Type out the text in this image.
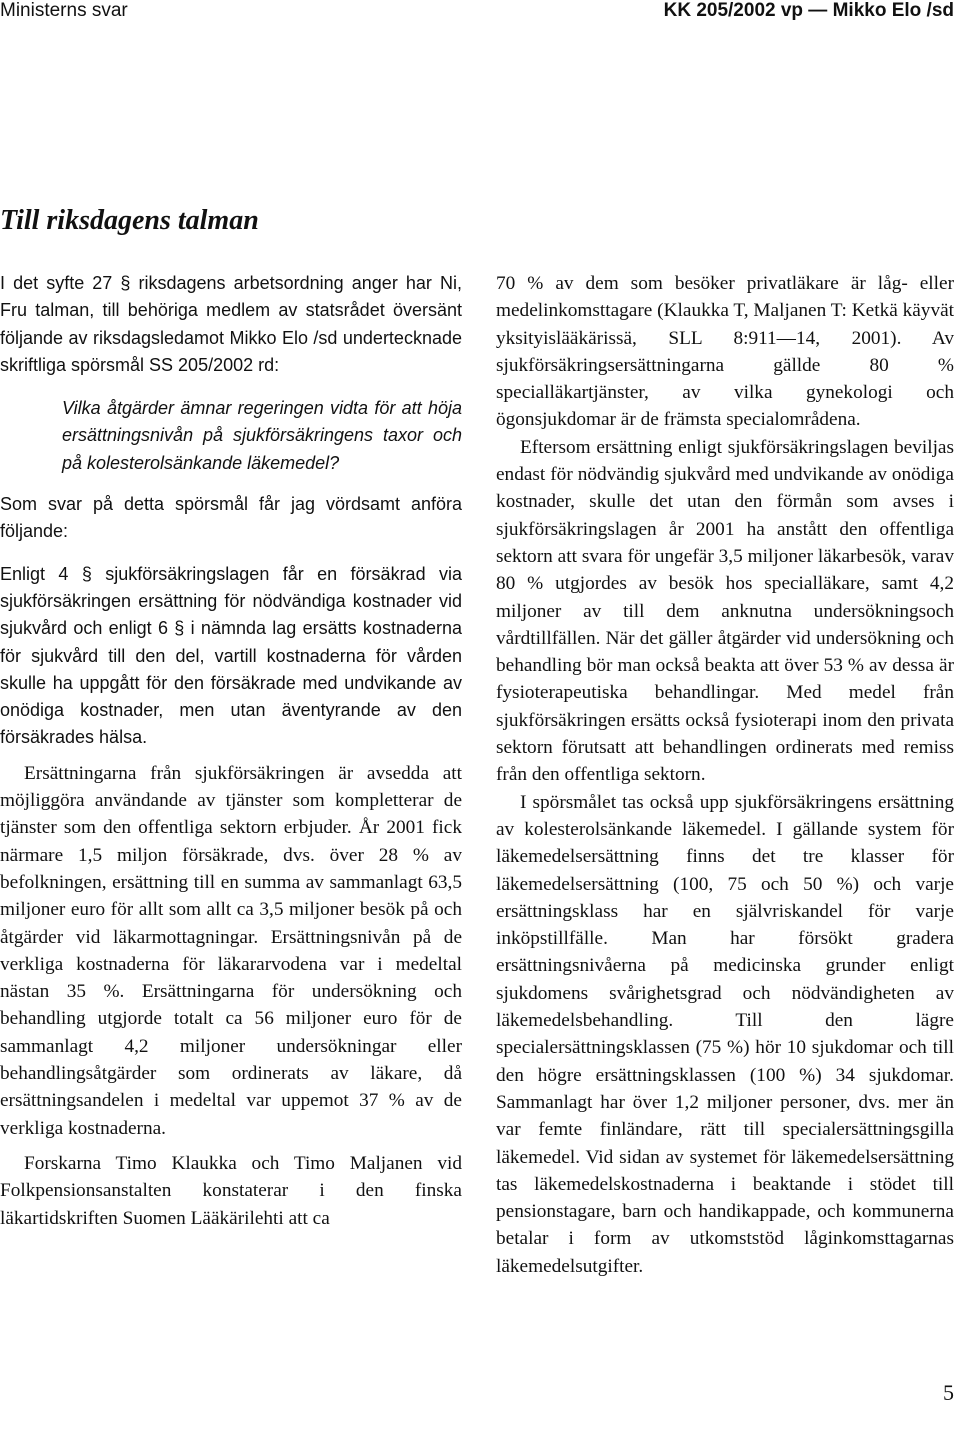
Ministerns svar	KK 205/2002 vp — Mikko Elo /sd
Till riksdagens talman

I det syfte 27 § riksdagens arbetsordning anger har Ni, Fru talman, till behöriga medlem av statsrådet översänt följande av riksdagsledamot Mikko Elo /sd undertecknade skriftliga spörsmål SS 205/2002 rd:

Vilka åtgärder ämnar regeringen vidta för att höja ersättningsnivån på sjukförsäkringens taxor och på kolesterolsänkande läkemedel?

Som svar på detta spörsmål får jag vördsamt anföra följande:

Enligt 4 § sjukförsäkringslagen får en försäkrad via sjukförsäkringen ersättning för nödvändiga kostnader vid sjukvård och enligt 6 § i nämnda lag ersätts kostnaderna för sjukvård till den del, vartill kostnaderna för vården skulle ha uppgått för den försäkrade med undvikande av onödiga kostnader, men utan äventyrande av den försäkrades hälsa.

Ersättningarna från sjukförsäkringen är avsedda att möjliggöra användande av tjänster som kompletterar de tjänster som den offentliga sektorn erbjuder. År 2001 fick närmare 1,5 miljon försäkrade, dvs. över 28 % av befolkningen, ersättning till en summa av sammanlagt 63,5 miljoner euro för allt som allt ca 3,5 miljoner besök på och åtgärder vid läkarmottagningar. Ersättningsnivån på de verkliga kostnaderna för läkararvodena var i medeltal nästan 35 %. Ersättningarna för undersökning och behandling utgjorde totalt ca 56 miljoner euro för de sammanlagt 4,2 miljoner undersökningar eller behandlingsåtgärder som ordinerats av läkare, då ersättningsandelen i medeltal var uppemot 37 % av de verkliga kostnaderna.

Forskarna Timo Klaukka och Timo Maljanen vid Folkpensionsanstalten konstaterar i den finska läkartidskriften Suomen Lääkärilehti att ca

70 % av dem som besöker privatläkare är låg- eller medelinkomsttagare (Klaukka T, Maljanen T: Ketkä käyvät yksityislääkärissä, SLL 8:911—14, 2001). Av sjukförsäkringsersättningarna gällde 80 % specialläkartjänster, av vilka gynekologi och ögonsjukdomar är de främsta specialområdena.

Eftersom ersättning enligt sjukförsäkringslagen beviljas endast för nödvändig sjukvård med undvikande av onödiga kostnader, skulle det utan den förmån som avses i sjukförsäkringslagen år 2001 ha anstått den offentliga sektorn att svara för ungefär 3,5 miljoner läkarbesök, varav 80 % utgjordes av besök hos specialläkare, samt 4,2 miljoner av till dem anknutna undersökningsoch vårdtillfällen. När det gäller åtgärder vid undersökning och behandling bör man också beakta att över 53 % av dessa är fysioterapeutiska behandlingar. Med medel från sjukförsäkringen ersätts också fysioterapi inom den privata sektorn förutsatt att behandlingen ordinerats med remiss från den offentliga sektorn.

I spörsmålet tas också upp sjukförsäkringens ersättning av kolesterolsänkande läkemedel. I gällande system för läkemedelsersättning finns det tre klasser för läkemedelsersättning (100, 75 och 50 %) och varje ersättningsklass har en självriskandel för varje inköpstillfälle. Man har försökt gradera ersättningsnivåerna på medicinska grunder enligt sjukdomens svårighetsgrad och nödvändigheten av läkemedelsbehandling. Till den lägre specialersättningsklassen (75 %) hör 10 sjukdomar och till den högre ersättningsklassen (100 %) 34 sjukdomar. Sammanlagt har över 1,2 miljoner personer, dvs. mer än var femte finländare, rätt till specialersättningsgilla läkemedel. Vid sidan av systemet för läkemedelsersättning tas läkemedelskostnaderna i beaktande i stödet till pensionstagare, barn och handikappade, och kommunerna betalar i form av utkomststöd låginkomsttagarnas läkemedelsutgifter.

5
